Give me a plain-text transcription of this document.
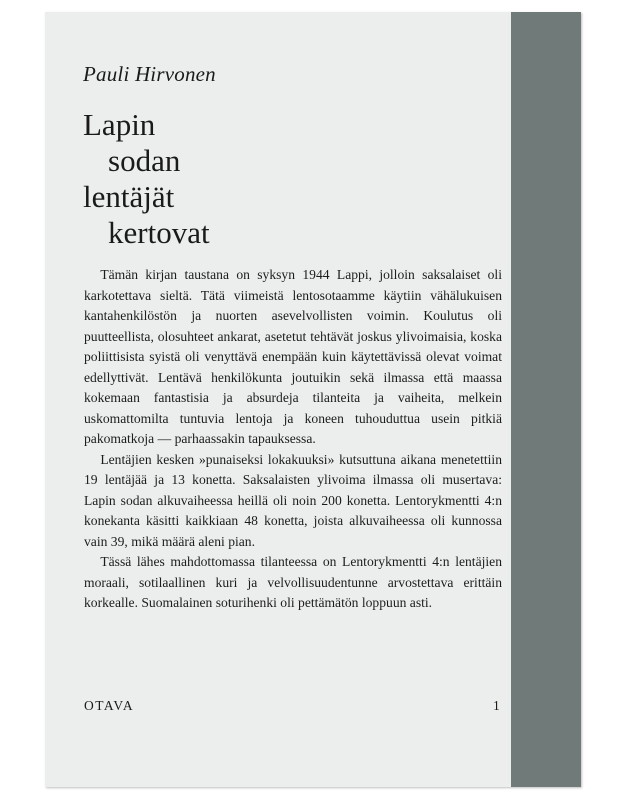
Pauli Hirvonen
Lapin
sodan
lentäjät
kertovat

Tämän kirjan taustana on syksyn 1944 Lappi, jolloin saksalaiset oli karkotettava sieltä. Tätä viimeistä lentosotaamme käytiin vähälukuisen kantahenkilöstön ja nuorten asevelvollisten voimin. Koulutus oli puutteellista, olosuhteet ankarat, asetetut tehtävät joskus ylivoimaisia, koska poliittisista syistä oli venyttävä enempään kuin käytettävissä olevat voimat edellyttivät. Lentävä henkilökunta joutuikin sekä ilmassa että maassa kokemaan fantastisia ja absurdeja tilanteita ja vaiheita, melkein uskomattomilta tuntuvia lentoja ja koneen tuhouduttua usein pitkiä pakomatkoja — parhaassakin tapauksessa.

Lentäjien kesken »punaiseksi lokakuuksi» kutsuttuna aikana menetettiin 19 lentäjää ja 13 konetta. Saksalaisten ylivoima ilmassa oli musertava: Lapin sodan alkuvaiheessa heillä oli noin 200 konetta. Lentorykmentti 4:n konekanta käsitti kaikkiaan 48 konetta, joista alkuvaiheessa oli kunnossa vain 39, mikä määrä aleni pian.

Tässä lähes mahdottomassa tilanteessa on Lentorykmentti 4:n lentäjien moraali, sotilaallinen kuri ja velvollisuudentunne arvostettava erittäin korkealle. Suomalainen soturihenki oli pettämätön loppuun asti.

OTAVA	1
